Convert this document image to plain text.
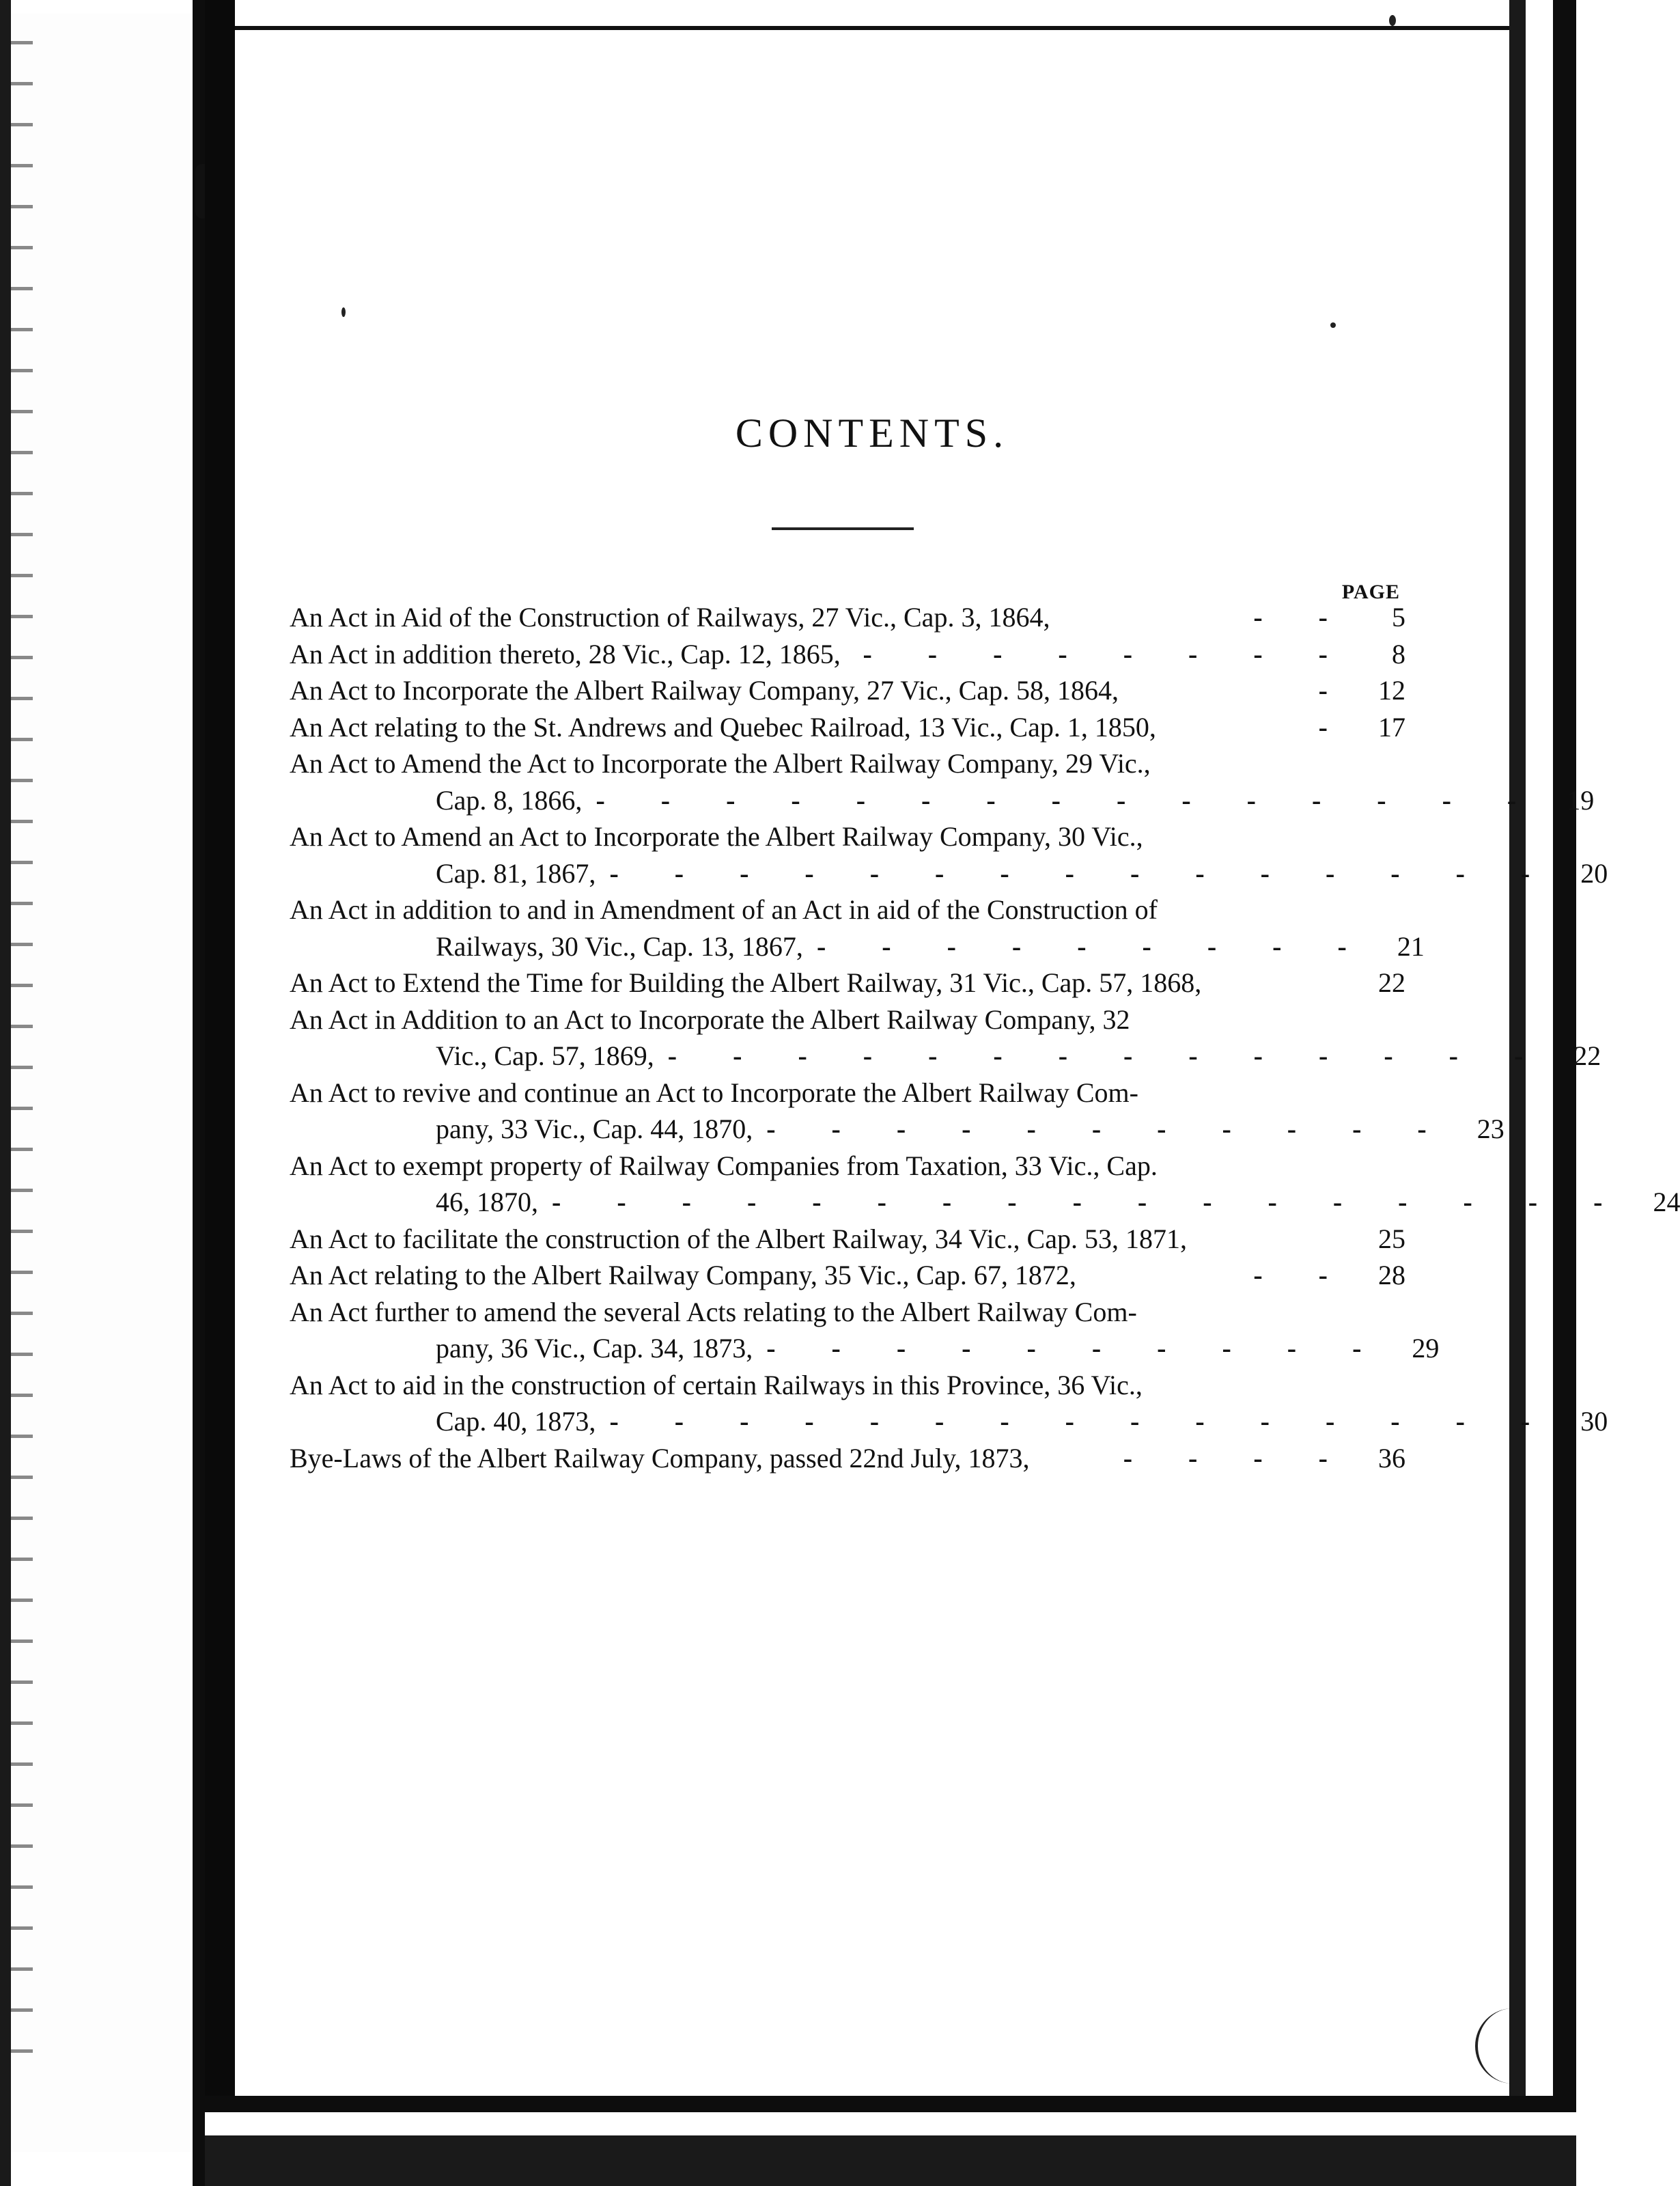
CONTENTS.
PAGE
An Act in Aid of the Construction of Railways, 27 Vic., Cap. 3, 1864,	- -	5
An Act in addition thereto, 28 Vic., Cap. 12, 1865, - - - - - - - -	8
An Act to Incorporate the Albert Railway Company, 27 Vic., Cap. 58, 1864,	- 12
An Act relating to the St. Andrews and Quebec Railroad, 13 Vic., Cap. 1, 1850,	- 17
An Act to Amend the Act to Incorporate the Albert Railway Company, 29 Vic.,
Cap. 8, 1866, - - - - - - - - - - - - - - - 19
An Act to Amend an Act to Incorporate the Albert Railway Company, 30 Vic.,
Cap. 81, 1867, - - - - - - - - - - - - - - - 20
An Act in addition to and in Amendment of an Act in aid of the Construction of
Railways, 30 Vic., Cap. 13, 1867, - - - - - - - - - 21
An Act to Extend the Time for Building the Albert Railway, 31 Vic., Cap. 57, 1868,	22
An Act in Addition to an Act to Incorporate the Albert Railway Company, 32
Vic., Cap. 57, 1869, - - - - - - - - - - - - - - 22
An Act to revive and continue an Act to Incorporate the Albert Railway Com-
pany, 33 Vic., Cap. 44, 1870, - - - - - - - - - - - 23
An Act to exempt property of Railway Companies from Taxation, 33 Vic., Cap.
46, 1870, - - - - - - - - - - - - - - - - - 24
An Act to facilitate the construction of the Albert Railway, 34 Vic., Cap. 53, 1871,	25
An Act relating to the Albert Railway Company, 35 Vic., Cap. 67, 1872,	- - 28
An Act further to amend the several Acts relating to the Albert Railway Com-
pany, 36 Vic., Cap. 34, 1873, - - - - - - - - - - 29
An Act to aid in the construction of certain Railways in this Province, 36 Vic.,
Cap. 40, 1873, - - - - - - - - - - - - - - - 30
Bye-Laws of the Albert Railway Company, passed 22nd July, 1873,	- - - - 36
